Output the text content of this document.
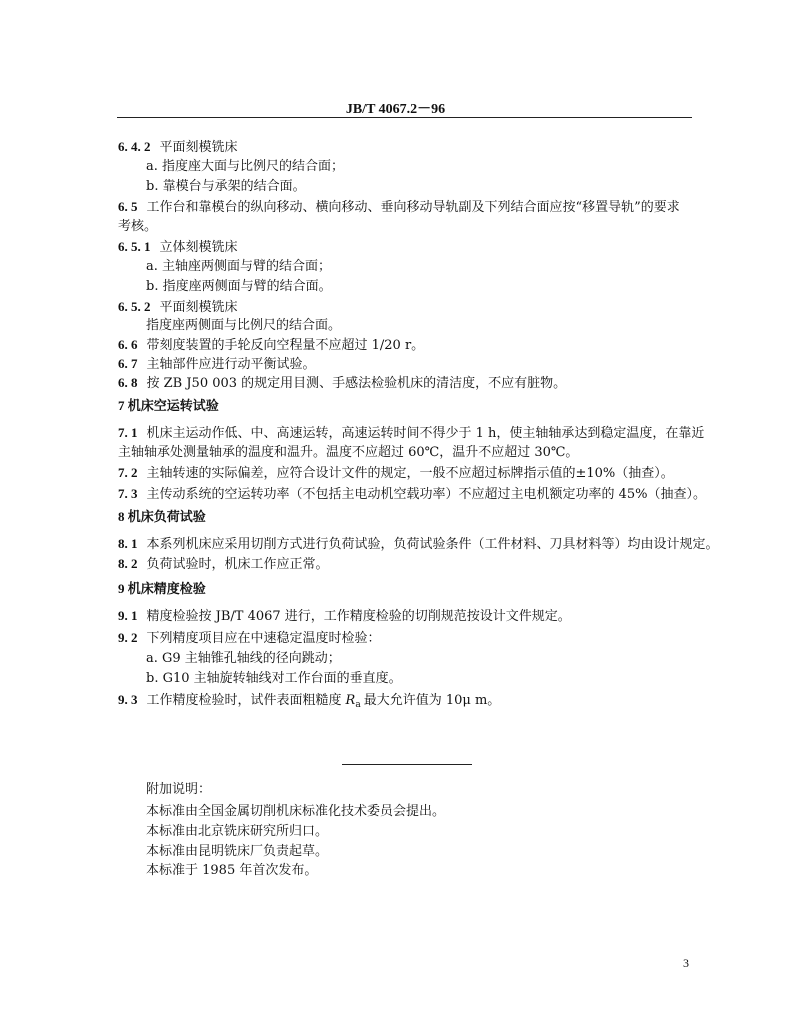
JB/T 4067.2－96
6. 4. 2 平面刻模铣床
a. 指度座大面与比例尺的结合面；
b. 靠模台与承架的结合面。
6. 5 工作台和靠模台的纵向移动、横向移动、垂向移动导轨副及下列结合面应按“移置导轨”的要求
考核。
6. 5. 1 立体刻模铣床
a. 主轴座两侧面与臂的结合面；
b. 指度座两侧面与臂的结合面。
6. 5. 2 平面刻模铣床
指度座两侧面与比例尺的结合面。
6. 6 带刻度装置的手轮反向空程量不应超过 1/20 r。
6. 7 主轴部件应进行动平衡试验。
6. 8 按 ZB J50 003 的规定用目测、手感法检验机床的清洁度，不应有脏物。
7 机床空运转试验
7. 1 机床主运动作低、中、高速运转，高速运转时间不得少于 1 h，使主轴轴承达到稳定温度，在靠近
主轴轴承处测量轴承的温度和温升。温度不应超过 60℃，温升不应超过 30℃。
7. 2 主轴转速的实际偏差，应符合设计文件的规定，一般不应超过标牌指示值的±10%（抽查）。
7. 3 主传动系统的空运转功率（不包括主电动机空载功率）不应超过主电机额定功率的 45%（抽查）。
8 机床负荷试验
8. 1 本系列机床应采用切削方式进行负荷试验，负荷试验条件（工件材料、刀具材料等）均由设计规定。
8. 2 负荷试验时，机床工作应正常。
9 机床精度检验
9. 1 精度检验按 JB/T 4067 进行，工作精度检验的切削规范按设计文件规定。
9. 2 下列精度项目应在中速稳定温度时检验：
a. G9 主轴锥孔轴线的径向跳动；
b. G10 主轴旋转轴线对工作台面的垂直度。
9. 3 工作精度检验时，试件表面粗糙度 $R_a$ 最大允许值为 10μ m。
附加说明：
本标准由全国金属切削机床标准化技术委员会提出。
本标准由北京铣床研究所归口。
本标准由昆明铣床厂负责起草。
本标准于 1985 年首次发布。
3
